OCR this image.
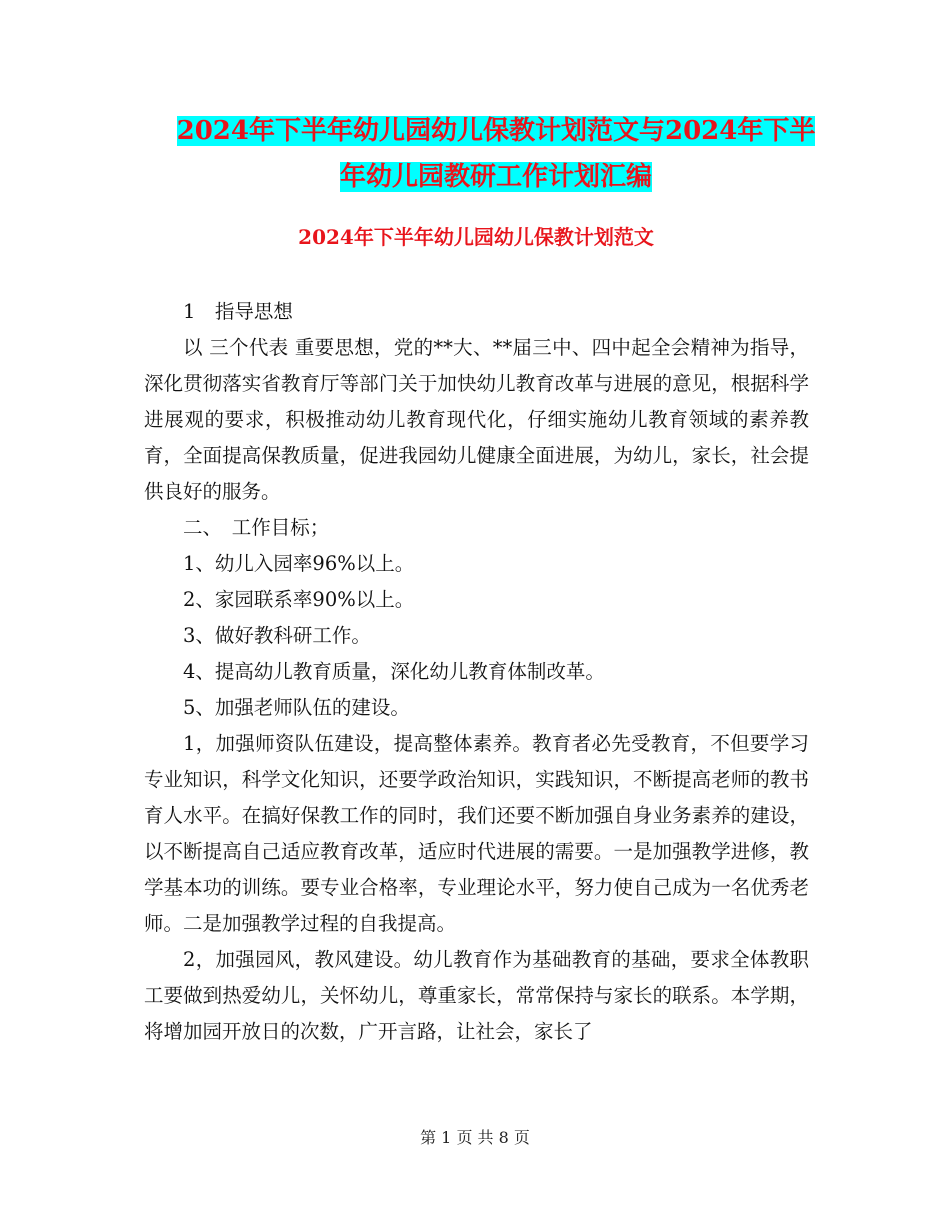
2024年下半年幼儿园幼儿保教计划范文与2024年下半
年幼儿园教研工作计划汇编
2024年下半年幼儿园幼儿保教计划范文

1　指导思想

以 三个代表 重要思想，党的**大、**届三中、四中起全会精神为指导，深化贯彻落实省教育厅等部门关于加快幼儿教育改革与进展的意见，根据科学进展观的要求，积极推动幼儿教育现代化，仔细实施幼儿教育领域的素养教育，全面提高保教质量，促进我园幼儿健康全面进展，为幼儿，家长，社会提供良好的服务。

二、　工作目标；

1、幼儿入园率96%以上。

2、家园联系率90%以上。

3、做好教科研工作。

4、提高幼儿教育质量，深化幼儿教育体制改革。

5、加强老师队伍的建设。

1，加强师资队伍建设，提高整体素养。教育者必先受教育，不但要学习专业知识，科学文化知识，还要学政治知识，实践知识，不断提高老师的教书育人水平。在搞好保教工作的同时，我们还要不断加强自身业务素养的建设，以不断提高自己适应教育改革，适应时代进展的需要。一是加强教学进修，教学基本功的训练。要专业合格率，专业理论水平，努力使自己成为一名优秀老师。二是加强教学过程的自我提高。

2，加强园风，教风建设。幼儿教育作为基础教育的基础，要求全体教职工要做到热爱幼儿，关怀幼儿，尊重家长，常常保持与家长的联系。本学期，将增加园开放日的次数，广开言路，让社会，家长了

第 1 页 共 8 页
